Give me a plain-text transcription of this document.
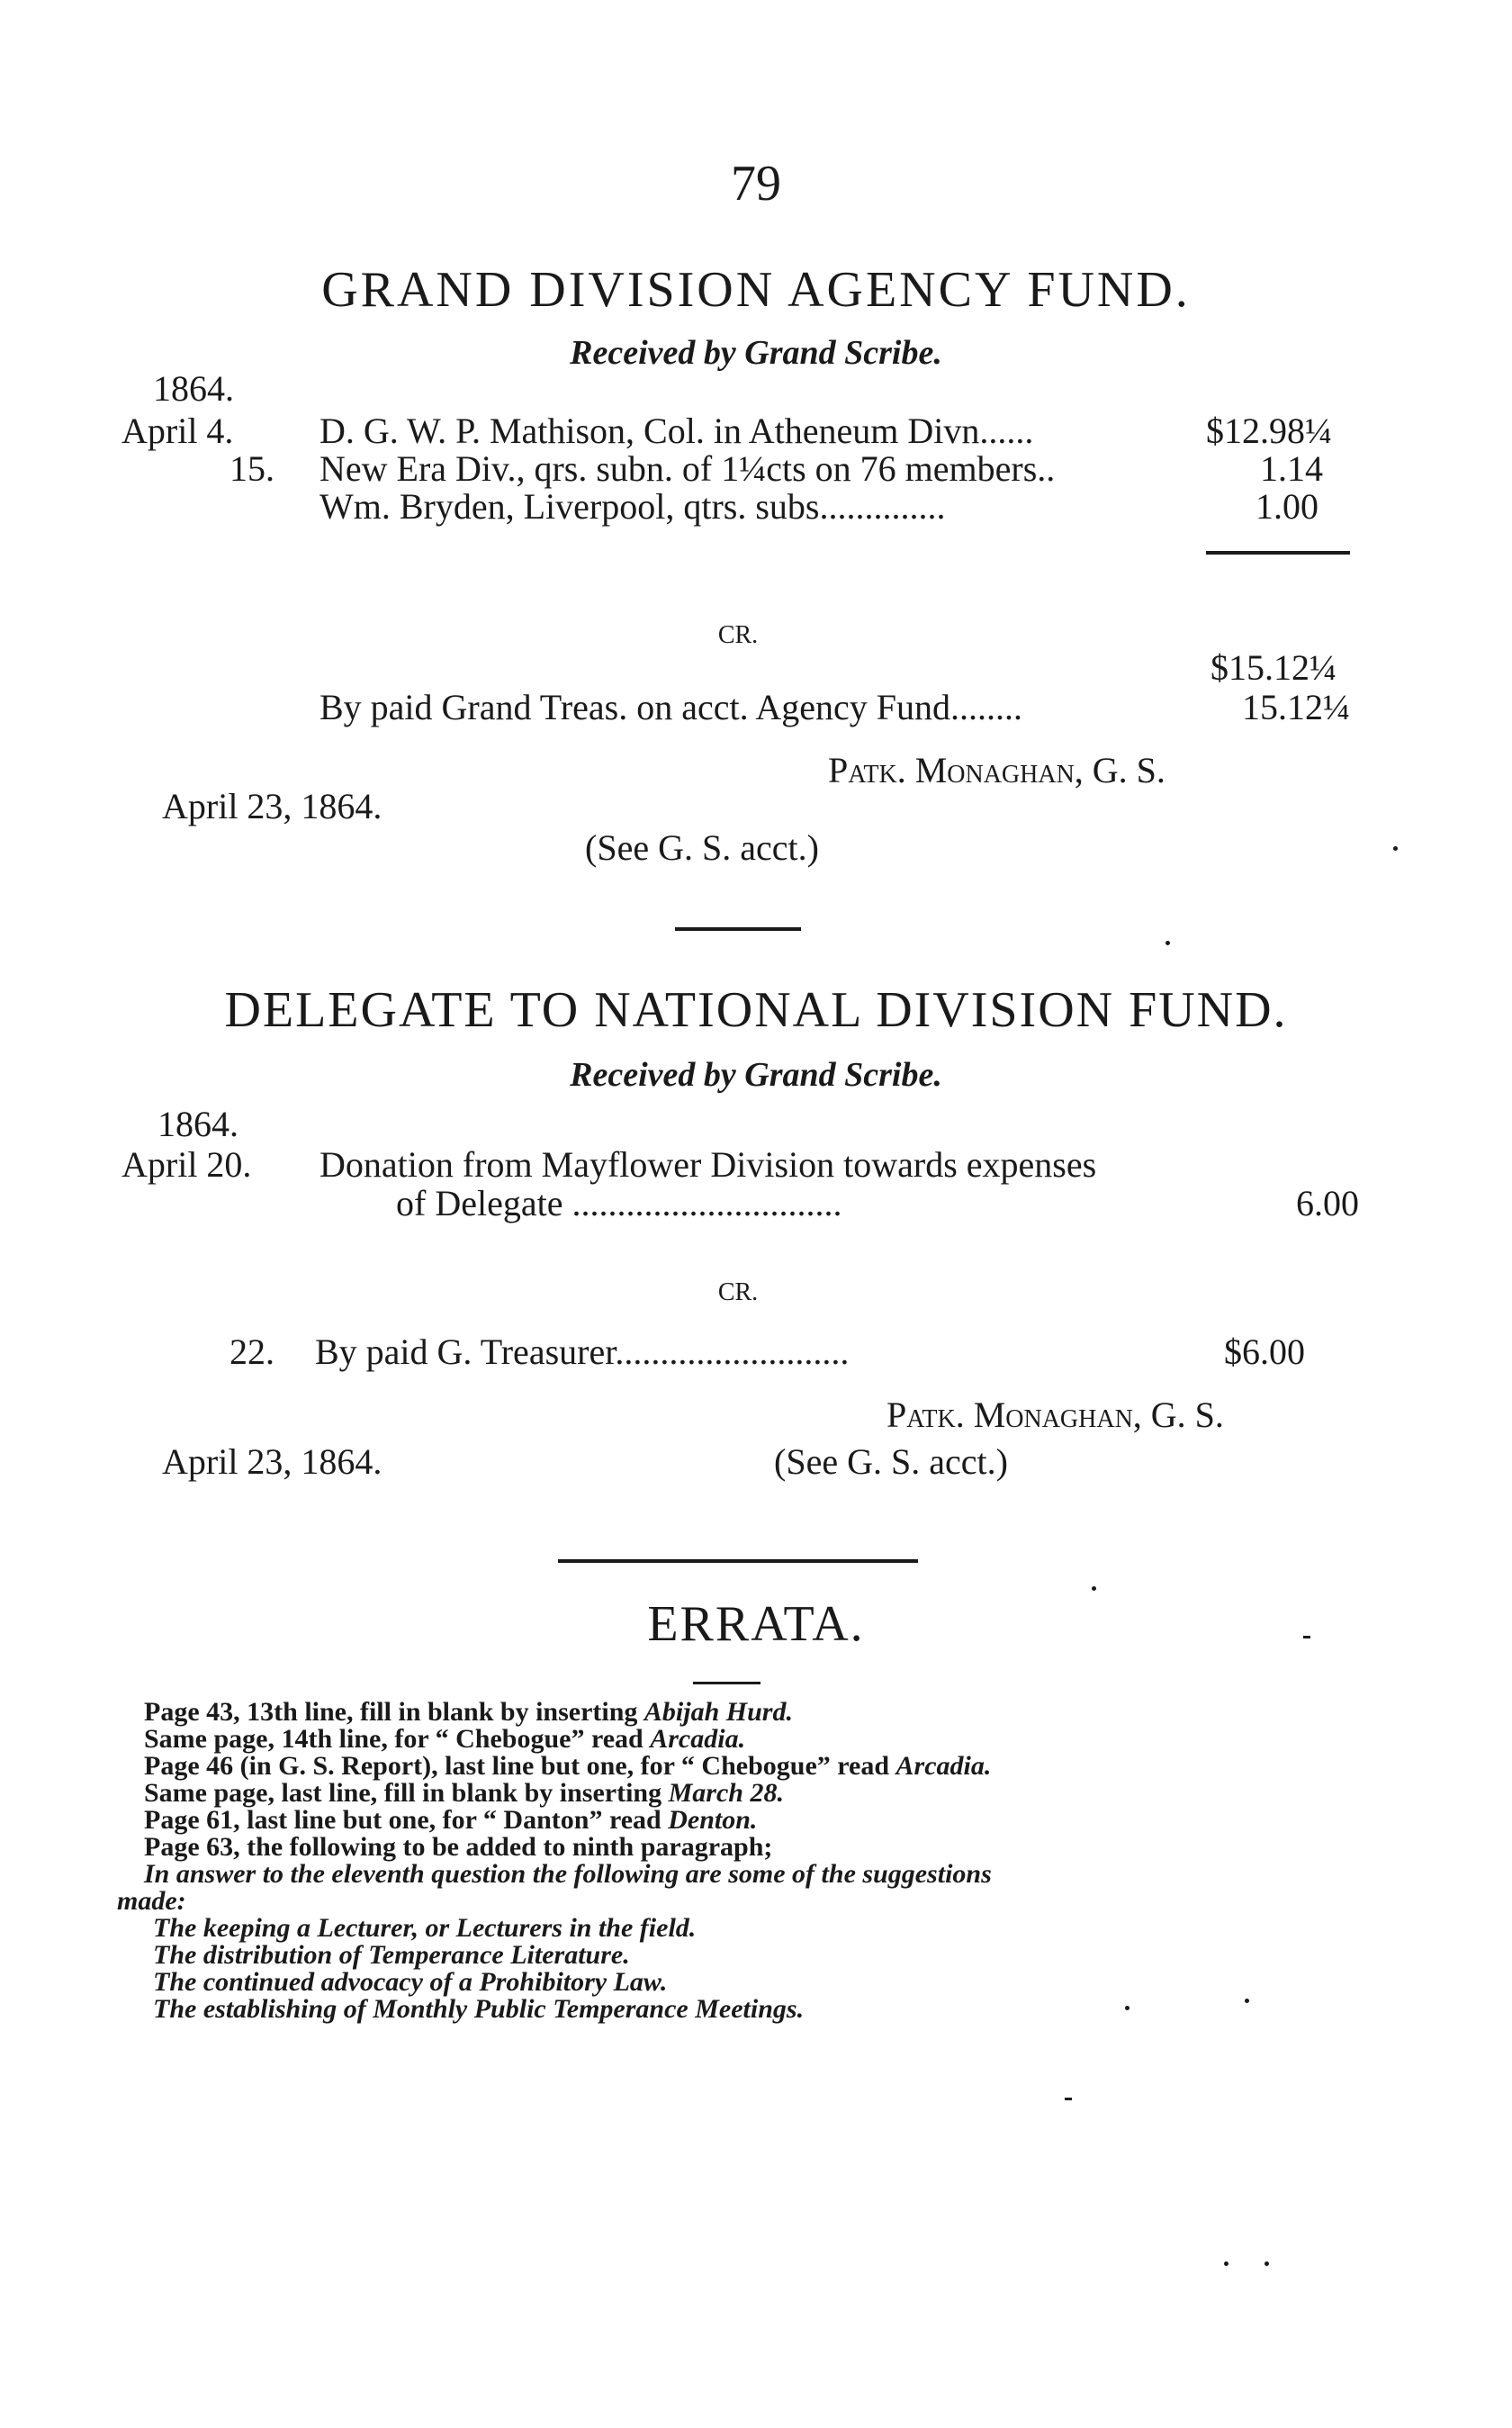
79
GRAND DIVISION AGENCY FUND.
Received by Grand Scribe.
1864.
April 4. D. G. W. P. Mathison, Col. in Atheneum Divn......	$12.98¼
15. New Era Div., qrs. subn. of 1¼cts on 76 members..	1.14
Wm. Bryden, Liverpool, qtrs. subs..............	1.00
CR.
$15.12¼
By paid Grand Treas. on acct. Agency Fund........	15.12¼
Patk. Monaghan, G. S.
April 23, 1864.
(See G. S. acct.)
DELEGATE TO NATIONAL DIVISION FUND.
Received by Grand Scribe.
1864.
April 20. Donation from Mayflower Division towards expenses
of Delegate ..............................	6.00
CR.
22. By paid G. Treasurer..........................	$6.00
Patk. Monaghan, G. S.
April 23, 1864.	(See G. S. acct.)
ERRATA.
Page 43, 13th line, fill in blank by inserting Abijah Hurd.
Same page, 14th line, for “ Chebogue” read Arcadia.
Page 46 (in G. S. Report), last line but one, for “ Chebogue” read Arcadia.
Same page, last line, fill in blank by inserting March 28.
Page 61, last line but one, for “ Danton” read Denton.
Page 63, the following to be added to ninth paragraph;
In answer to the eleventh question the following are some of the suggestions
made:
The keeping a Lecturer, or Lecturers in the field.
The distribution of Temperance Literature.
The continued advocacy of a Prohibitory Law.
The establishing of Monthly Public Temperance Meetings.
